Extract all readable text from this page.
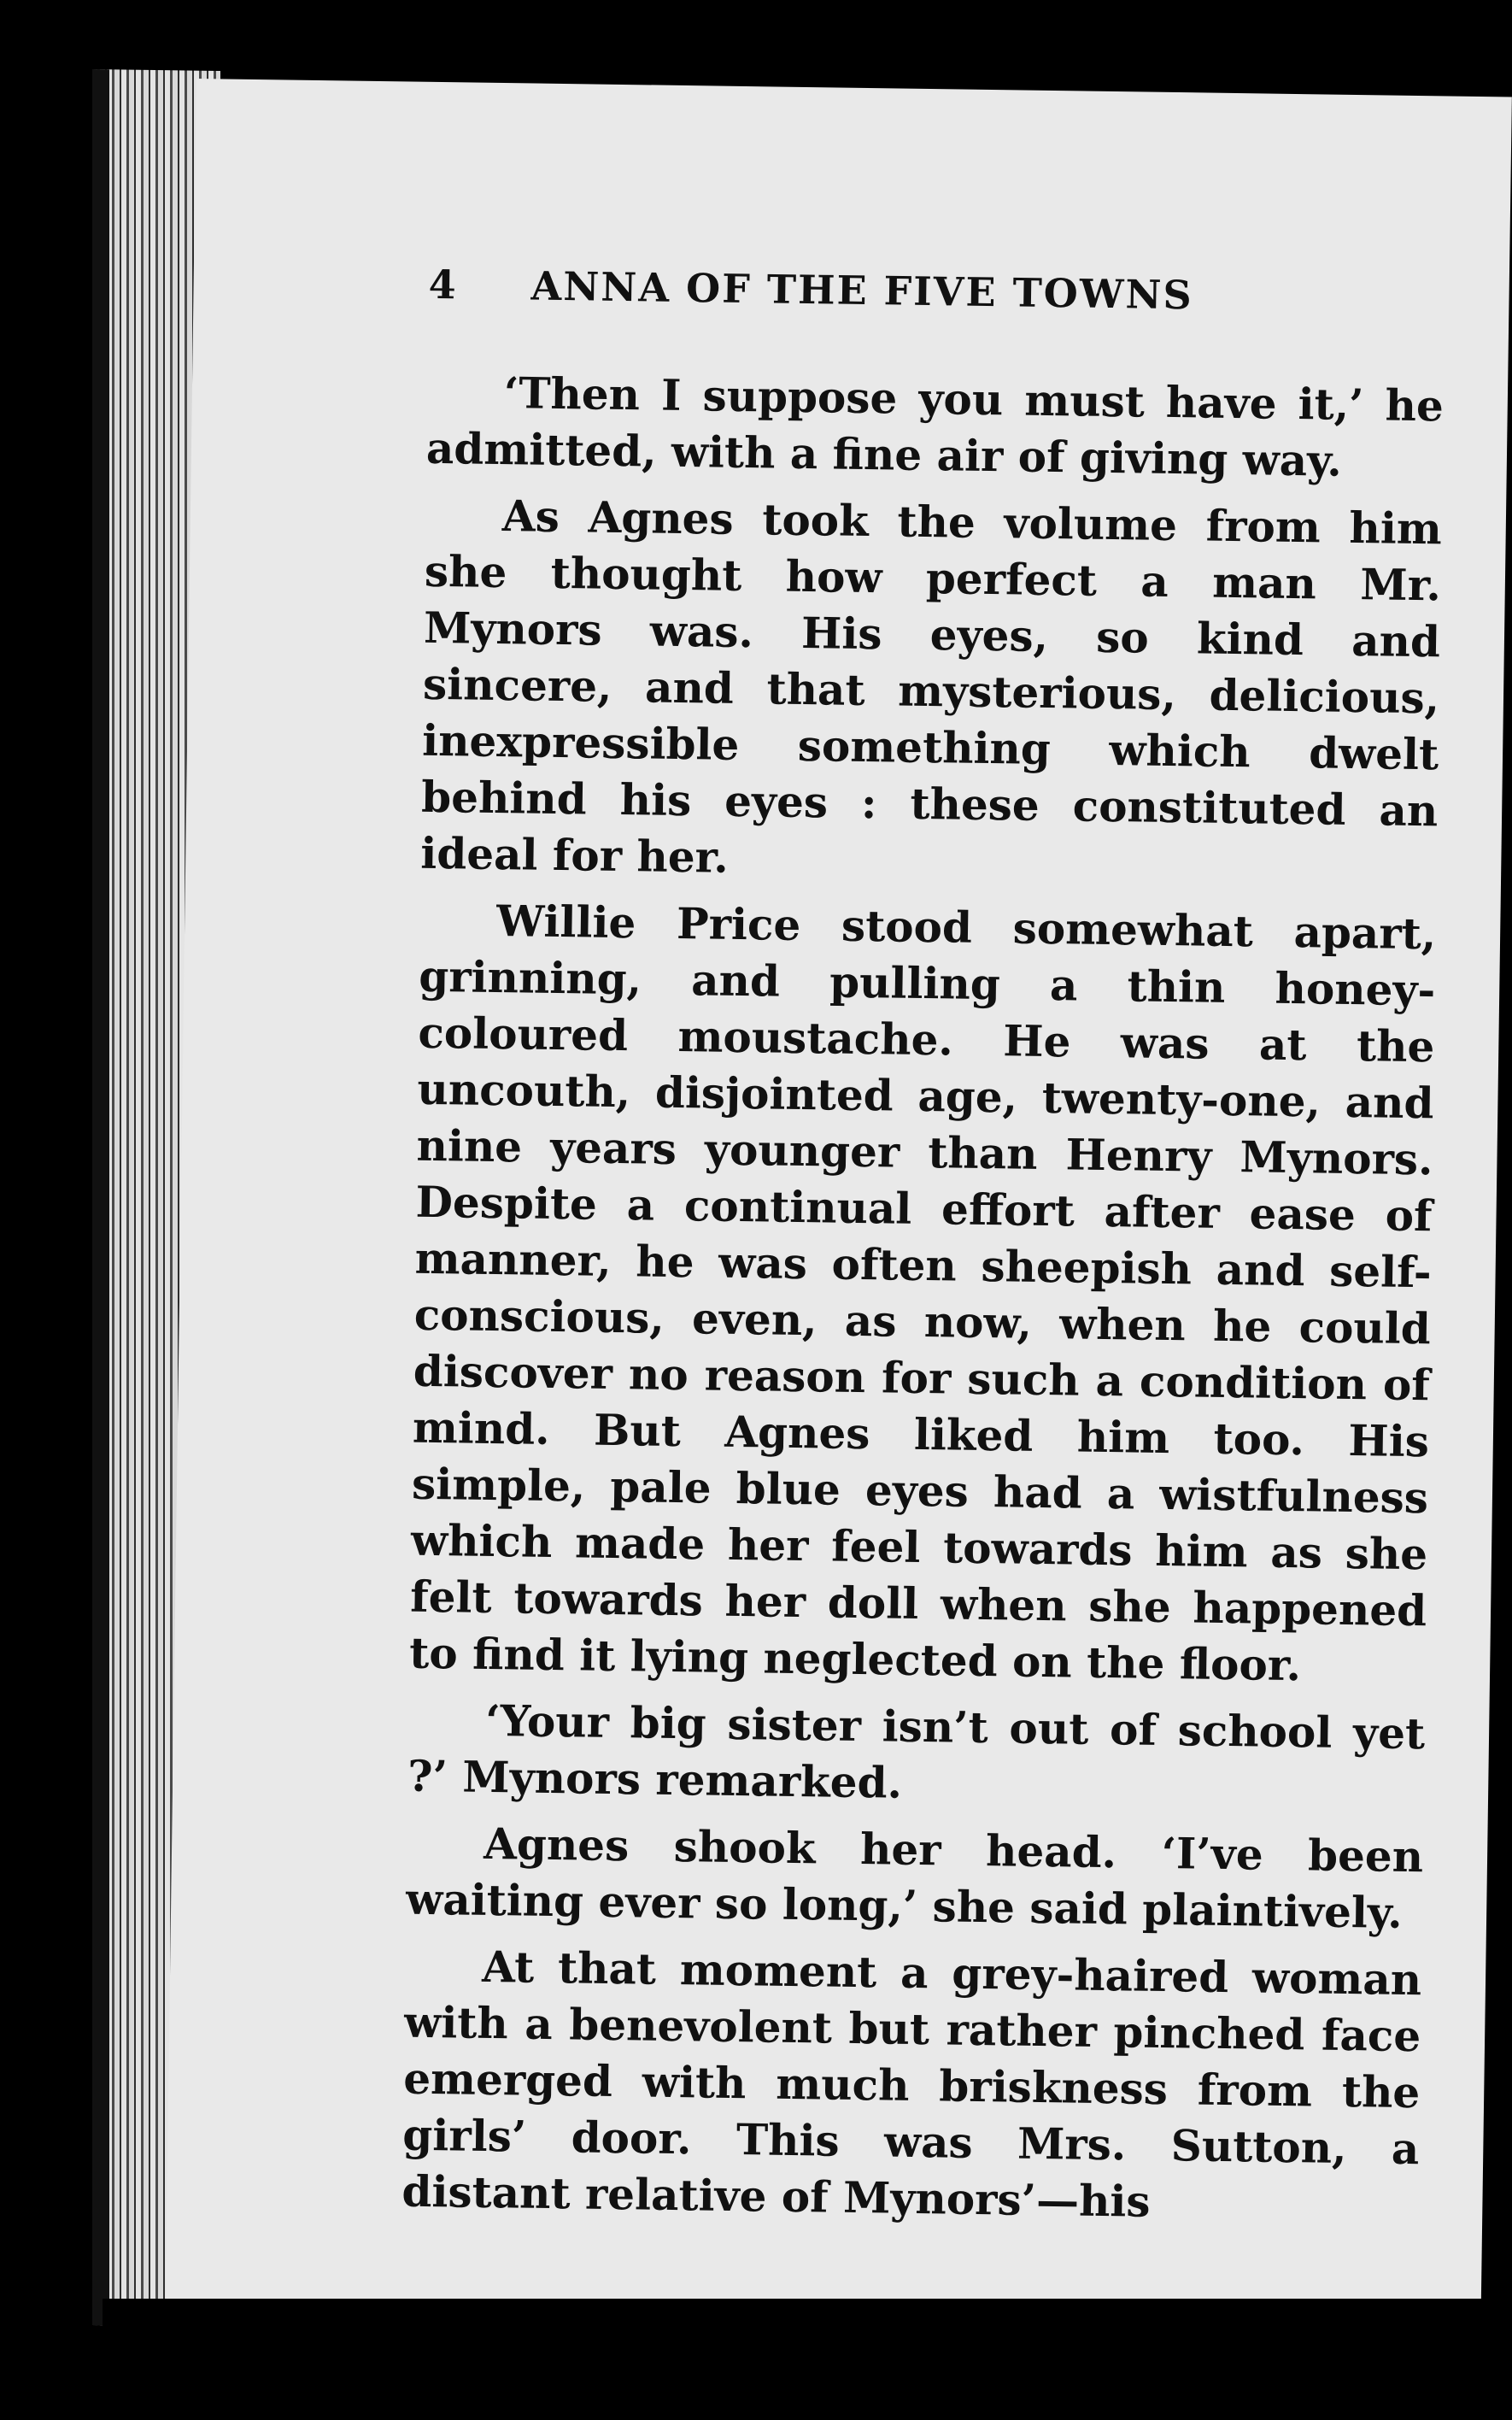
4	ANNA OF THE FIVE TOWNS

‘Then I suppose you must have it,’ he admitted, with a fine air of giving way.

As Agnes took the volume from him she thought how perfect a man Mr. Mynors was. His eyes, so kind and sincere, and that mysterious, delicious, inexpressible something which dwelt behind his eyes : these constituted an ideal for her.

Willie Price stood somewhat apart, grinning, and pulling a thin honey-coloured moustache. He was at the uncouth, disjointed age, twenty-one, and nine years younger than Henry Mynors. Despite a continual effort after ease of manner, he was often sheepish and self-conscious, even, as now, when he could discover no reason for such a condition of mind. But Agnes liked him too. His simple, pale blue eyes had a wistfulness which made her feel towards him as she felt towards her doll when she happened to find it lying neglected on the floor.

‘Your big sister isn’t out of school yet ?’ Mynors remarked.

Agnes shook her head. ‘I’ve been waiting ever so long,’ she said plaintively.

At that moment a grey-haired woman with a benevolent but rather pinched face emerged with much briskness from the girls’ door. This was Mrs. Sutton, a distant relative of Mynors’—his
